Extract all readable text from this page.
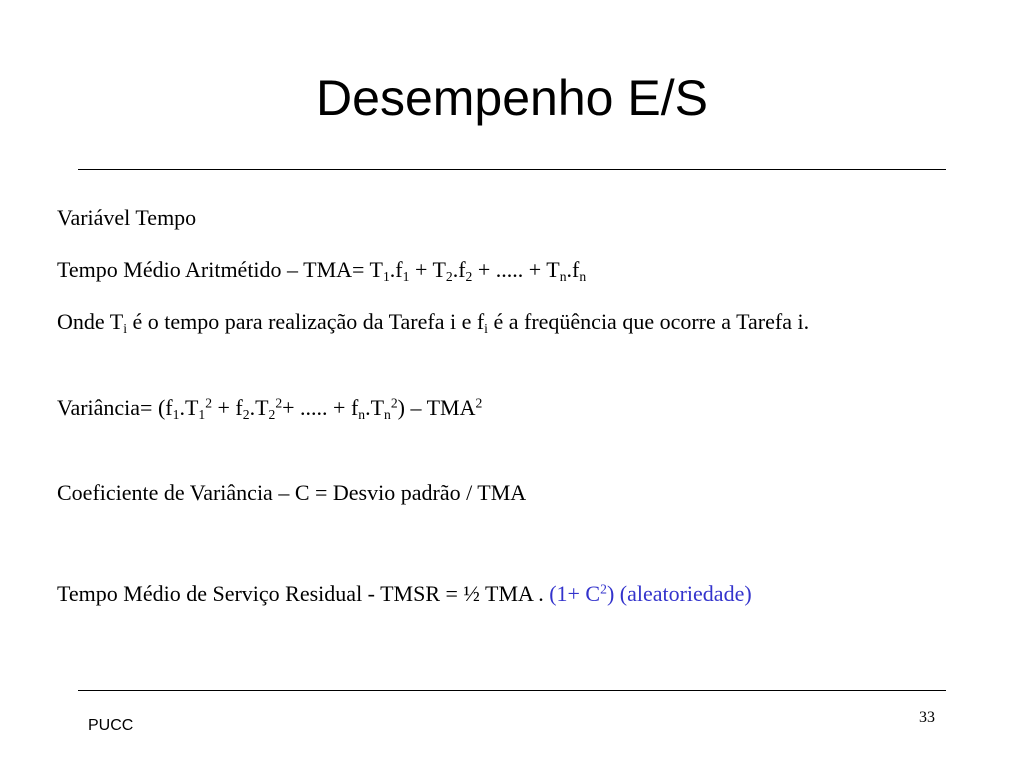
Desempenho E/S
Variável Tempo
Tempo Médio Aritmétido – $TMA= T_1.f_1 + T_2.f_2$ + ..... + $T_n.f_n$
Onde $T_i$ é o tempo para realização da Tarefa i e $f_i$ é a freqüência que ocorre a Tarefa i.
Variância= ($f_1.T_1^2 + f_2.T_2^2+$ ..... + $f_n.T_n^2) - TMA^2$
Coeficiente de Variância – C = Desvio padrão / TMA
Tempo Médio de Serviço Residual - TMSR = ½ TMA . $(1+ C^2)$ (aleatoriedade)
PUCC	33
